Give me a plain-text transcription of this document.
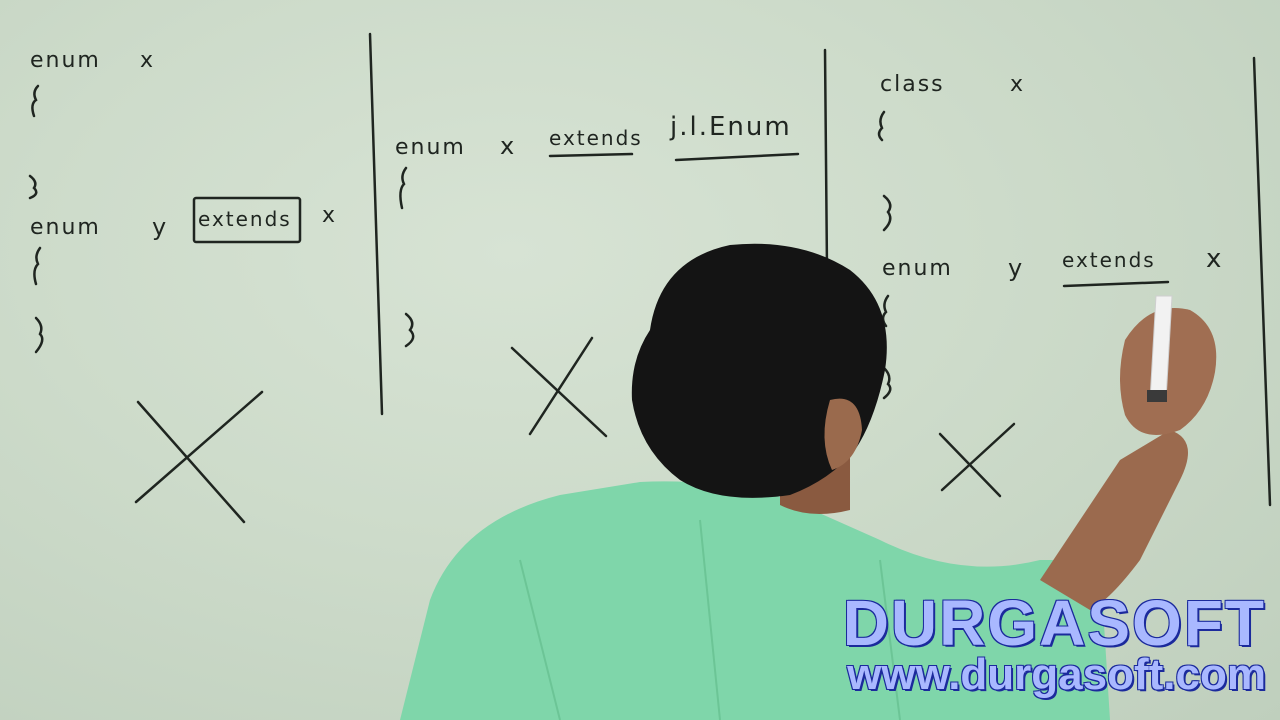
enum x
enum y extends x
enum x extends j.l.Enum
class	x
enum y extends x
DURGASOFT
www.durgasoft.com
